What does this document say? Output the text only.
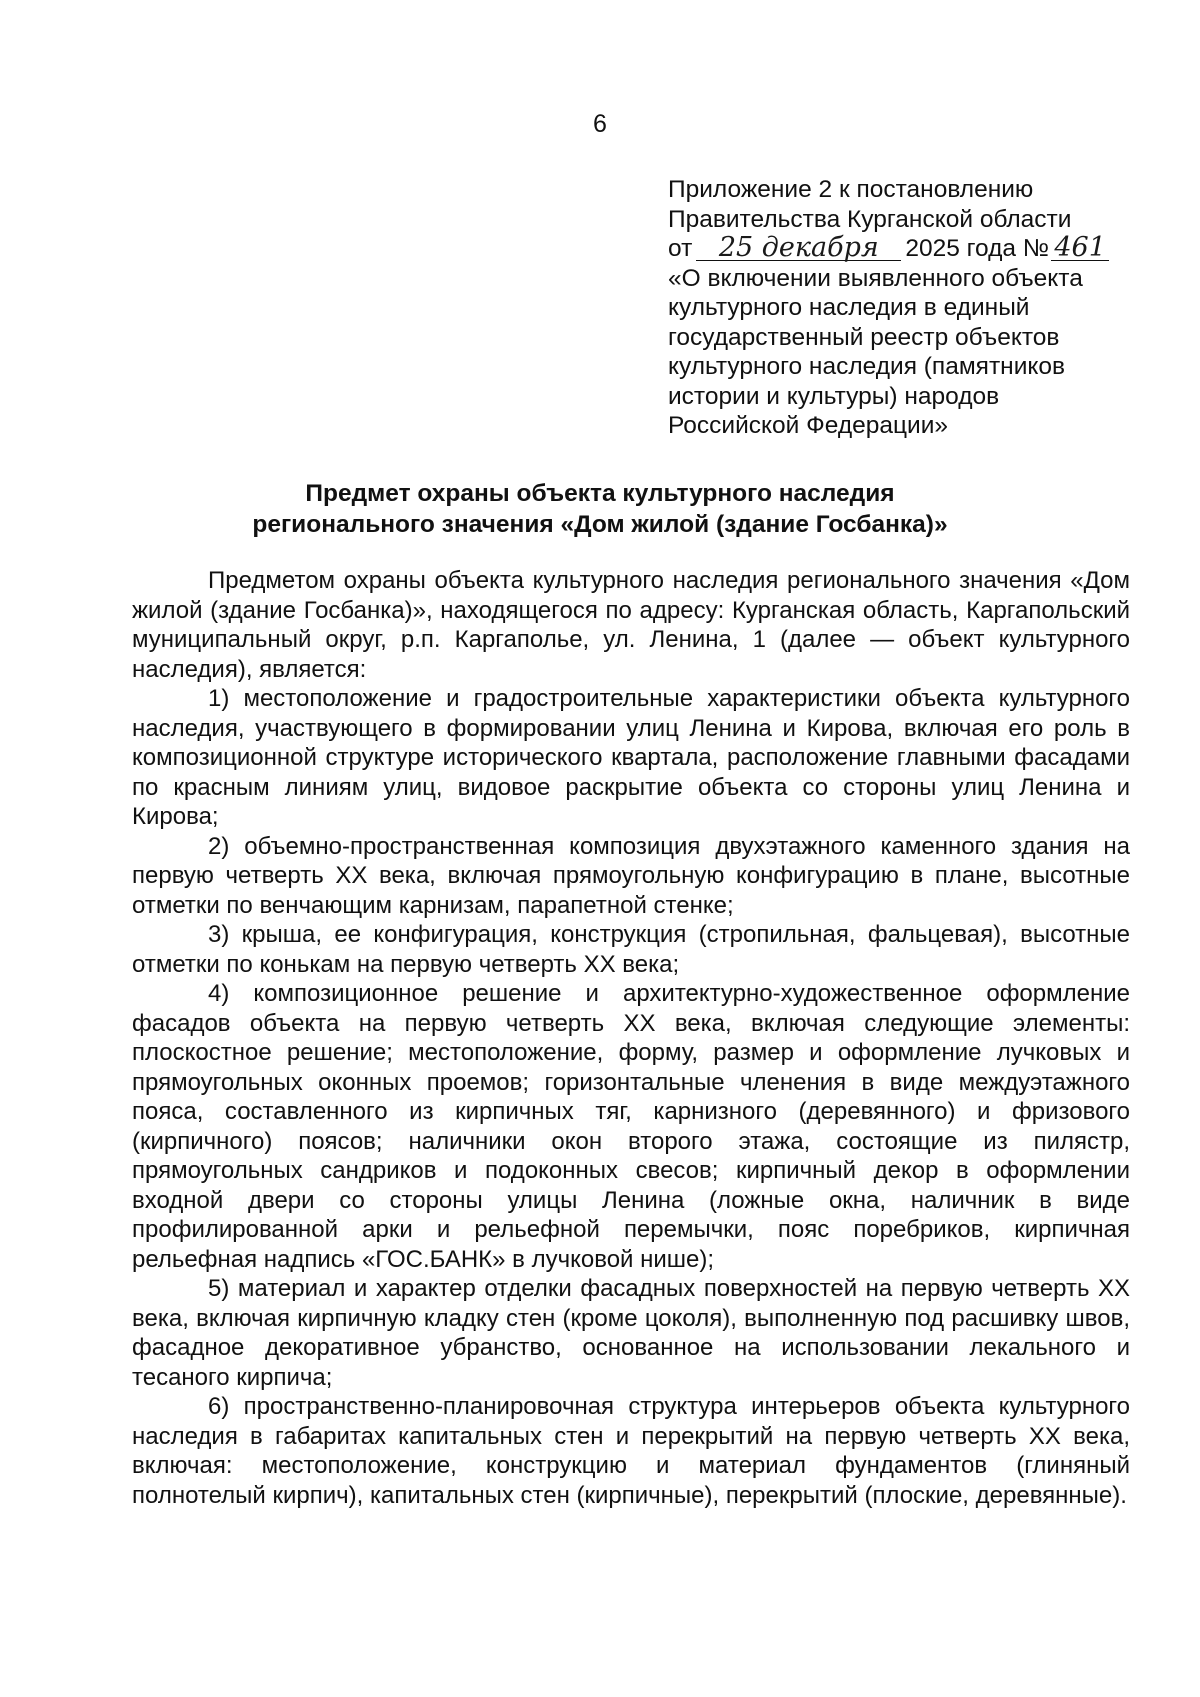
6
Приложение 2 к постановлению
Правительства Курганской области
от 25 декабря 2025 года № 461
«О включении выявленного объекта
культурного наследия в единый
государственный реестр объектов
культурного наследия (памятников
истории и культуры) народов
Российской Федерации»
Предмет охраны объекта культурного наследия
регионального значения «Дом жилой (здание Госбанка)»

Предметом охраны объекта культурного наследия регионального значения «Дом жилой (здание Госбанка)», находящегося по адресу: Курганская область, Каргапольский муниципальный округ, р.п. Каргаполье, ул. Ленина, 1 (далее — объект культурного наследия), является:

1) местоположение и градостроительные характеристики объекта культурного наследия, участвующего в формировании улиц Ленина и Кирова, включая его роль в композиционной структуре исторического квартала, расположение главными фасадами по красным линиям улиц, видовое раскрытие объекта со стороны улиц Ленина и Кирова;

2) объемно-пространственная композиция двухэтажного каменного здания на первую четверть XX века, включая прямоугольную конфигурацию в плане, высотные отметки по венчающим карнизам, парапетной стенке;

3) крыша, ее конфигурация, конструкция (стропильная, фальцевая), высотные отметки по конькам на первую четверть XX века;

4) композиционное решение и архитектурно-художественное оформление фасадов объекта на первую четверть XX века, включая следующие элементы: плоскостное решение; местоположение, форму, размер и оформление лучковых и прямоугольных оконных проемов; горизонтальные членения в виде междуэтажного пояса, составленного из кирпичных тяг, карнизного (деревянного) и фризового (кирпичного) поясов; наличники окон второго этажа, состоящие из пилястр, прямоугольных сандриков и подоконных свесов; кирпичный декор в оформлении входной двери со стороны улицы Ленина (ложные окна, наличник в виде профилированной арки и рельефной перемычки, пояс поребриков, кирпичная рельефная надпись «ГОС.БАНК» в лучковой нише);

5) материал и характер отделки фасадных поверхностей на первую четверть XX века, включая кирпичную кладку стен (кроме цоколя), выполненную под расшивку швов, фасадное декоративное убранство, основанное на использовании лекального и тесаного кирпича;

6) пространственно-планировочная структура интерьеров объекта культурного наследия в габаритах капитальных стен и перекрытий на первую четверть XX века, включая: местоположение, конструкцию и материал фундаментов (глиняный полнотелый кирпич), капитальных стен (кирпичные), перекрытий (плоские, деревянные).
